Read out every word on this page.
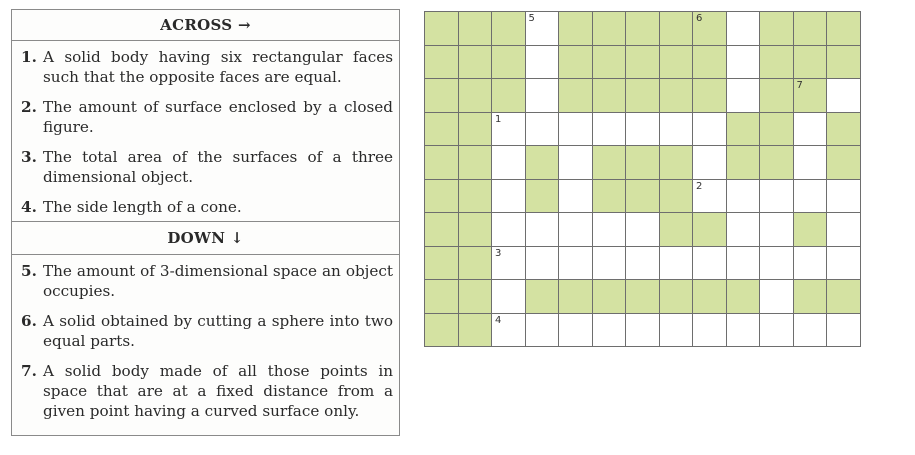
ACROSS →
1. A solid body having six rectangular faces such that the opposite faces are equal.
2. The amount of surface enclosed by a closed figure.
3. The total area of the surfaces of a three dimensional object.
4. The side length of a cone.
DOWN ↓
5. The amount of 3-dimensional space an object occupies.
6. A solid obtained by cutting a sphere into two equal parts.
7. A solid body made of all those points in space that are at a fixed distance from a given point having a curved surface only.
5	6
7
1
2
3
4
